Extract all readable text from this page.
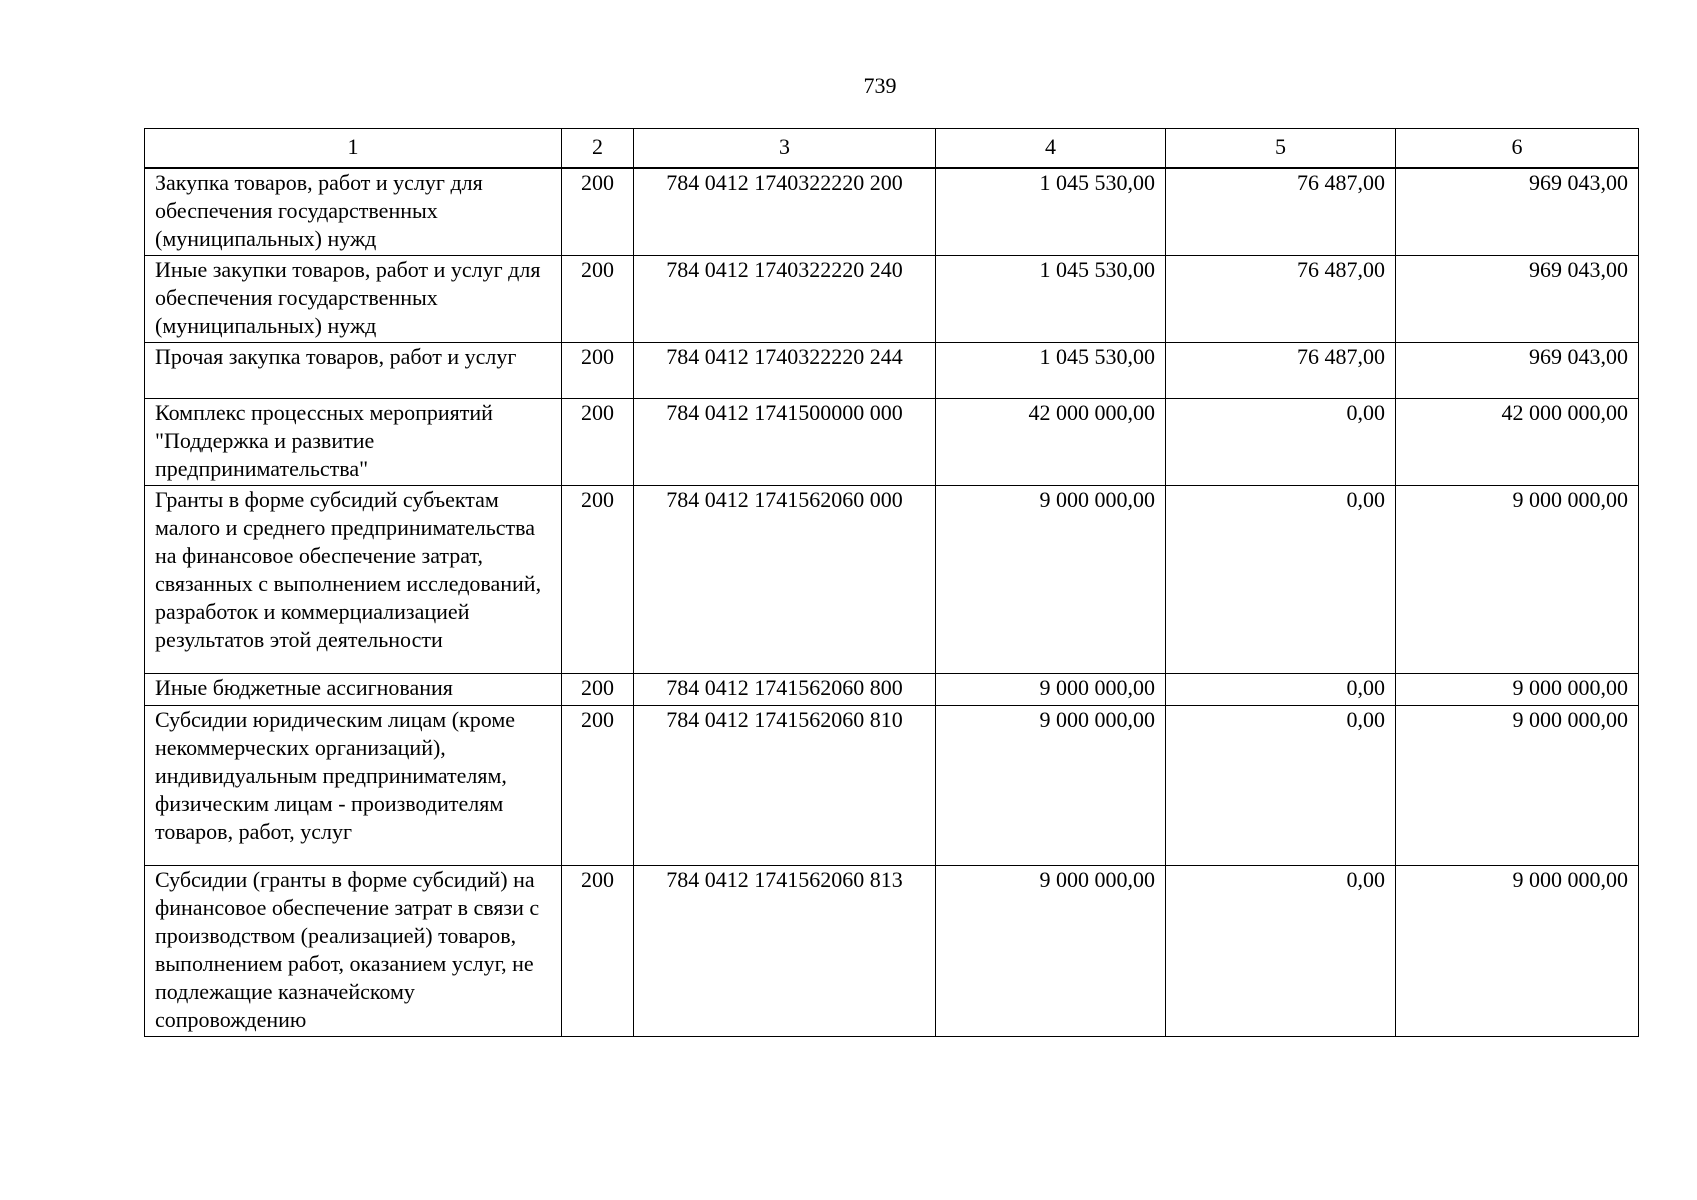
739
1	2	3	4	5	6
Закупка товаров, работ и услуг для обеспечения государственных (муниципальных) нужд	200	784 0412 1740322220 200	1 045 530,00	76 487,00	969 043,00
Иные закупки товаров, работ и услуг для обеспечения государственных (муниципальных) нужд	200	784 0412 1740322220 240	1 045 530,00	76 487,00	969 043,00
Прочая закупка товаров, работ и услуг	200	784 0412 1740322220 244	1 045 530,00	76 487,00	969 043,00
Комплекс процессных мероприятий "Поддержка и развитие предпринимательства"	200	784 0412 1741500000 000	42 000 000,00	0,00	42 000 000,00
Гранты в форме субсидий субъектам малого и среднего предпринимательства на финансовое обеспечение затрат, связанных с выполнением исследований, разработок и коммерциализацией результатов этой деятельности	200	784 0412 1741562060 000	9 000 000,00	0,00	9 000 000,00
Иные бюджетные ассигнования	200	784 0412 1741562060 800	9 000 000,00	0,00	9 000 000,00
Субсидии юридическим лицам (кроме некоммерческих организаций), индивидуальным предпринимателям, физическим лицам - производителям товаров, работ, услуг	200	784 0412 1741562060 810	9 000 000,00	0,00	9 000 000,00
Субсидии (гранты в форме субсидий) на финансовое обеспечение затрат в связи с производством (реализацией) товаров, выполнением работ, оказанием услуг, не подлежащие казначейскому сопровождению	200	784 0412 1741562060 813	9 000 000,00	0,00	9 000 000,00
